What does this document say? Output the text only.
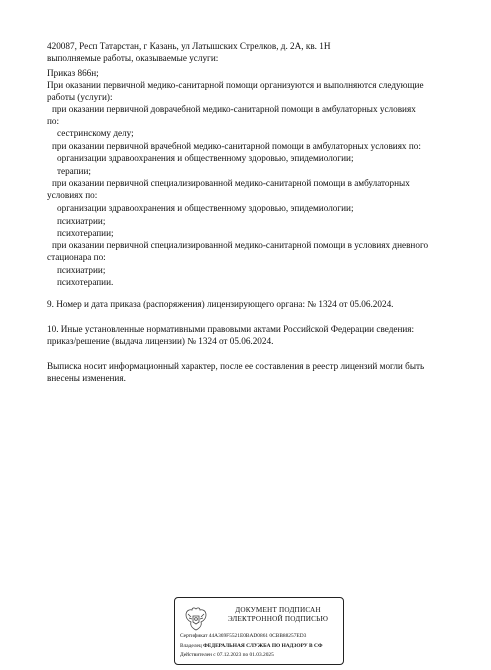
420087, Респ Татарстан, г Казань, ул Латышских Стрелков, д. 2А, кв. 1Н
выполняемые работы, оказываемые услуги:
Приказ 866н;
При оказании первичной медико-санитарной помощи организуются и выполняются следующие
работы (услуги):
при оказании первичной доврачебной медико-санитарной помощи в амбулаторных условиях
по:
сестринскому делу;
при оказании первичной врачебной медико-санитарной помощи в амбулаторных условиях по:
организации здравоохранения и общественному здоровью, эпидемиологии;
терапии;
при оказании первичной специализированной медико-санитарной помощи в амбулаторных
условиях по:
организации здравоохранения и общественному здоровью, эпидемиологии;
психиатрии;
психотерапии;
при оказании первичной специализированной медико-санитарной помощи в условиях дневного
стационара по:
психиатрии;
психотерапии.
9. Номер и дата приказа (распоряжения) лицензирующего органа: № 1324 от 05.06.2024.
10. Иные установленные нормативными правовыми актами Российской Федерации сведения:
приказ/решение (выдача лицензии) № 1324 от 05.06.2024.
Выписка носит информационный характер, после ее составления в реестр лицензий могли быть
внесены изменения.
ДОКУМЕНТ ПОДПИСАН
ЭЛЕКТРОННОЙ ПОДПИСЬЮ
Сертификат 44A369F5521E0BAD0861 0CBB88257ED3
Владелец ФЕДЕРАЛЬНАЯ СЛУЖБА ПО НАДЗОРУ В СФ
Действителен с 07.12.2023 по 01.03.2025
